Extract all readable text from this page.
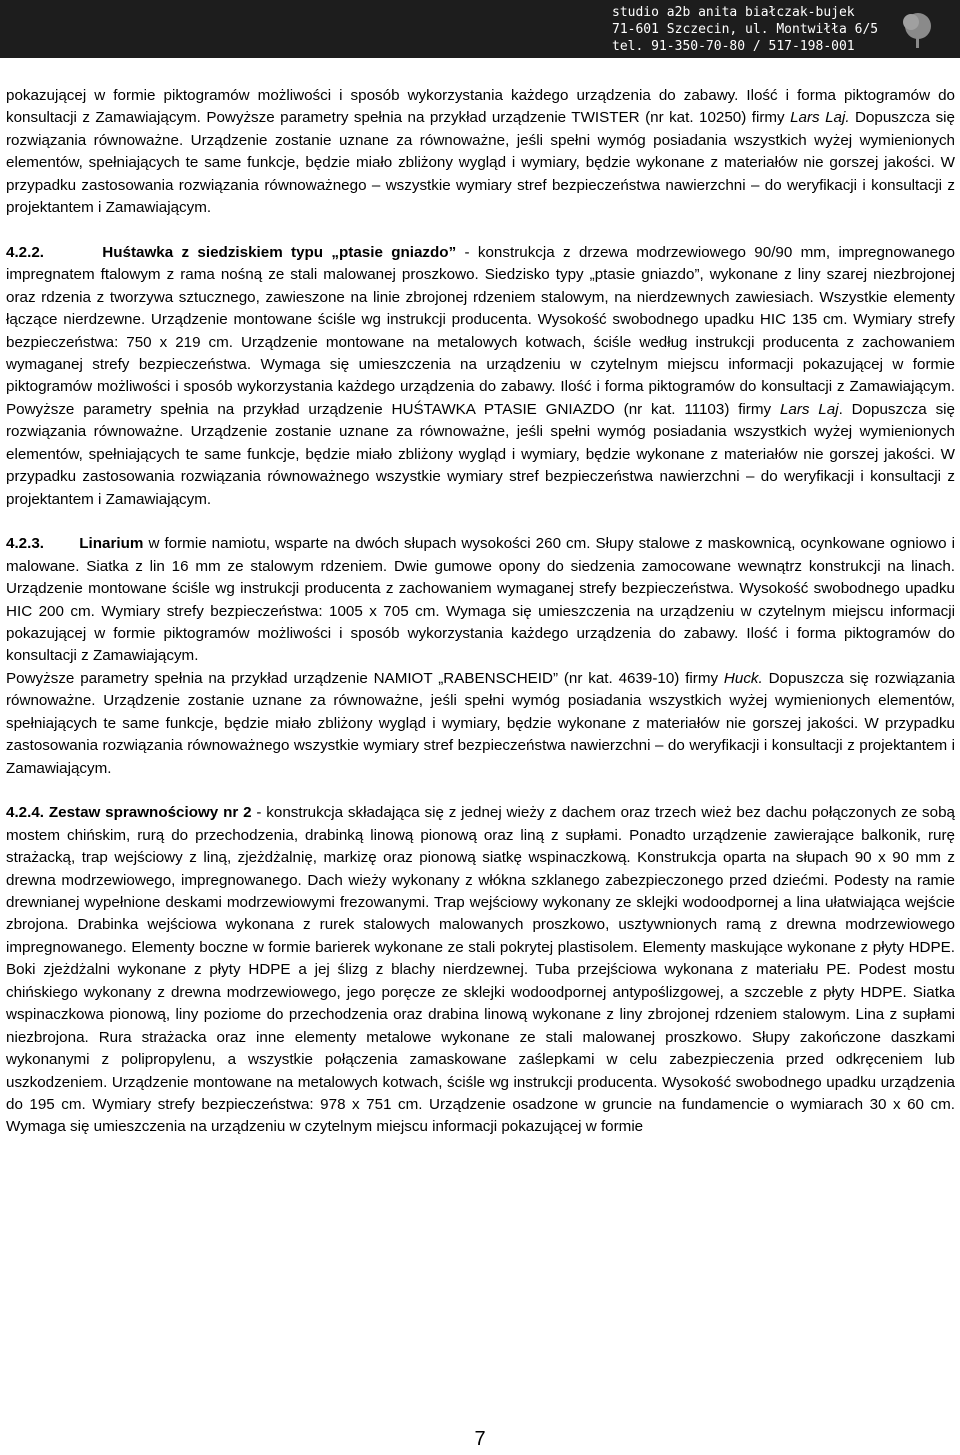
studio a2b anita białczak-bujek
71-601 Szczecin, ul. Montwiłła 6/5
tel. 91-350-70-80 / 517-198-001

pokazującej w formie piktogramów możliwości i sposób wykorzystania każdego urządzenia do zabawy. Ilość i forma piktogramów do konsultacji z Zamawiającym. Powyższe parametry spełnia na przykład urządzenie TWISTER (nr kat. 10250) firmy Lars Laj. Dopuszcza się rozwiązania równoważne. Urządzenie zostanie uznane za równoważne, jeśli spełni wymóg posiadania wszystkich wyżej wymienionych elementów, spełniających te same funkcje, będzie miało zbliżony wygląd i wymiary, będzie wykonane z materiałów nie gorszej jakości. W przypadku zastosowania rozwiązania równoważnego – wszystkie wymiary stref bezpieczeństwa nawierzchni – do weryfikacji i konsultacji z projektantem i Zamawiającym.

4.2.2.	Huśtawka z siedziskiem typu „ptasie gniazdo” - konstrukcja z drzewa modrzewiowego 90/90 mm, impregnowanego impregnatem ftalowym z rama nośną ze stali malowanej proszkowo. Siedzisko typy „ptasie gniazdo”, wykonane z liny szarej niezbrojonej oraz rdzenia z tworzywa sztucznego, zawieszone na linie zbrojonej rdzeniem stalowym, na nierdzewnych zawiesiach. Wszystkie elementy łączące nierdzewne. Urządzenie montowane ściśle wg instrukcji producenta. Wysokość swobodnego upadku HIC 135 cm. Wymiary strefy bezpieczeństwa: 750 x 219 cm. Urządzenie montowane na metalowych kotwach, ściśle według instrukcji producenta z zachowaniem wymaganej strefy bezpieczeństwa. Wymaga się umieszczenia na urządzeniu w czytelnym miejscu informacji pokazującej w formie piktogramów możliwości i sposób wykorzystania każdego urządzenia do zabawy. Ilość i forma piktogramów do konsultacji z Zamawiającym. Powyższe parametry spełnia na przykład urządzenie HUŚTAWKA PTASIE GNIAZDO (nr kat. 11103) firmy Lars Laj. Dopuszcza się rozwiązania równoważne. Urządzenie zostanie uznane za równoważne, jeśli spełni wymóg posiadania wszystkich wyżej wymienionych elementów, spełniających te same funkcje, będzie miało zbliżony wygląd i wymiary, będzie wykonane z materiałów nie gorszej jakości. W przypadku zastosowania rozwiązania równoważnego wszystkie wymiary stref bezpieczeństwa nawierzchni – do weryfikacji i konsultacji z projektantem i Zamawiającym.

4.2.3. Linarium w formie namiotu, wsparte na dwóch słupach wysokości 260 cm. Słupy stalowe z maskownicą, ocynkowane ogniowo i malowane. Siatka z lin 16 mm ze stalowym rdzeniem. Dwie gumowe opony do siedzenia zamocowane wewnątrz konstrukcji na linach. Urządzenie montowane ściśle wg instrukcji producenta z zachowaniem wymaganej strefy bezpieczeństwa. Wysokość swobodnego upadku HIC 200 cm. Wymiary strefy bezpieczeństwa: 1005 x 705 cm. Wymaga się umieszczenia na urządzeniu w czytelnym miejscu informacji pokazującej w formie piktogramów możliwości i sposób wykorzystania każdego urządzenia do zabawy. Ilość i forma piktogramów do konsultacji z Zamawiającym.
Powyższe parametry spełnia na przykład urządzenie NAMIOT „RABENSCHEID” (nr kat. 4639-10) firmy Huck. Dopuszcza się rozwiązania równoważne. Urządzenie zostanie uznane za równoważne, jeśli spełni wymóg posiadania wszystkich wyżej wymienionych elementów, spełniających te same funkcje, będzie miało zbliżony wygląd i wymiary, będzie wykonane z materiałów nie gorszej jakości. W przypadku zastosowania rozwiązania równoważnego wszystkie wymiary stref bezpieczeństwa nawierzchni – do weryfikacji i konsultacji z projektantem i Zamawiającym.

4.2.4. Zestaw sprawnościowy nr 2 - konstrukcja składająca się z jednej wieży z dachem oraz trzech wież bez dachu połączonych ze sobą mostem chińskim, rurą do przechodzenia, drabinką linową pionową oraz liną z supłami. Ponadto urządzenie zawierające balkonik, rurę strażacką, trap wejściowy z liną, zjeżdżalnię, markizę oraz pionową siatkę wspinaczkową. Konstrukcja oparta na słupach 90 x 90 mm z drewna modrzewiowego, impregnowanego. Dach wieży wykonany z włókna szklanego zabezpieczonego przed dziećmi. Podesty na ramie drewnianej wypełnione deskami modrzewiowymi frezowanymi. Trap wejściowy wykonany ze sklejki wodoodpornej a lina ułatwiająca wejście zbrojona. Drabinka wejściowa wykonana z rurek stalowych malowanych proszkowo, usztywnionych ramą z drewna modrzewiowego impregnowanego. Elementy boczne w formie barierek wykonane ze stali pokrytej plastisolem. Elementy maskujące wykonane z płyty HDPE. Boki zjeżdżalni wykonane z płyty HDPE a jej ślizg z blachy nierdzewnej. Tuba przejściowa wykonana z materiału PE. Podest mostu chińskiego wykonany z drewna modrzewiowego, jego poręcze ze sklejki wodoodpornej antypoślizgowej, a szczeble z płyty HDPE. Siatka wspinaczkowa pionową, liny poziome do przechodzenia oraz drabina linową wykonane z liny zbrojonej rdzeniem stalowym. Lina z supłami niezbrojona. Rura strażacka oraz inne elementy metalowe wykonane ze stali malowanej proszkowo. Słupy zakończone daszkami wykonanymi z polipropylenu, a wszystkie połączenia zamaskowane zaślepkami w celu zabezpieczenia przed odkręceniem lub uszkodzeniem. Urządzenie montowane na metalowych kotwach, ściśle wg instrukcji producenta. Wysokość swobodnego upadku urządzenia do 195 cm. Wymiary strefy bezpieczeństwa: 978 x 751 cm. Urządzenie osadzone w gruncie na fundamencie o wymiarach 30 x 60 cm. Wymaga się umieszczenia na urządzeniu w czytelnym miejscu informacji pokazującej w formie

7
